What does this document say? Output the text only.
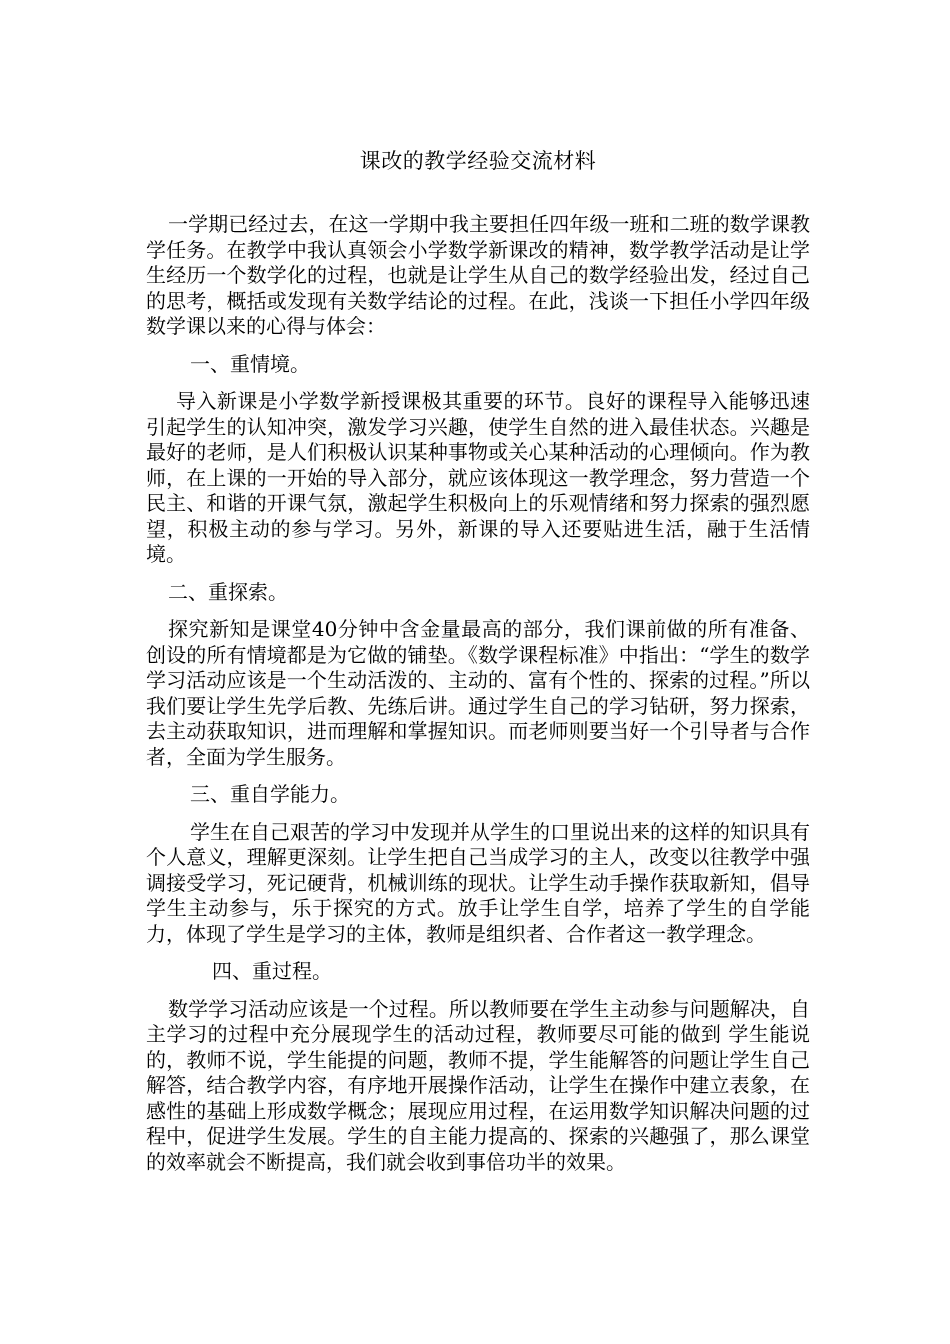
课改的教学经验交流材料

一学期已经过去，在这一学期中我主要担任四年级一班和二班的数学课教学任务。在教学中我认真领会小学数学新课改的精神，数学教学活动是让学生经历一个数学化的过程，也就是让学生从自己的数学经验出发，经过自己的思考，概括或发现有关数学结论的过程。在此，浅谈一下担任小学四年级数学课以来的心得与体会：

一、重情境。

导入新课是小学数学新授课极其重要的环节。良好的课程导入能够迅速引起学生的认知冲突，激发学习兴趣，使学生自然的进入最佳状态。兴趣是最好的老师，是人们积极认识某种事物或关心某种活动的心理倾向。作为教师，在上课的一开始的导入部分，就应该体现这一教学理念，努力营造一个民主、和谐的开课气氛，激起学生积极向上的乐观情绪和努力探索的强烈愿望，积极主动的参与学习。另外，新课的导入还要贴进生活，融于生活情境。

二、重探索。

探究新知是课堂40分钟中含金量最高的部分，我们课前做的所有准备、创设的所有情境都是为它做的铺垫。《数学课程标准》中指出：“学生的数学学习活动应该是一个生动活泼的、主动的、富有个性的、探索的过程。”所以我们要让学生先学后教、先练后讲。通过学生自己的学习钻研，努力探索，去主动获取知识，进而理解和掌握知识。而老师则要当好一个引导者与合作者，全面为学生服务。

三、重自学能力。

学生在自己艰苦的学习中发现并从学生的口里说出来的这样的知识具有个人意义，理解更深刻。让学生把自己当成学习的主人，改变以往教学中强调接受学习，死记硬背，机械训练的现状。让学生动手操作获取新知，倡导学生主动参与，乐于探究的方式。放手让学生自学，培养了学生的自学能力，体现了学生是学习的主体，教师是组织者、合作者这一教学理念。

四、重过程。

数学学习活动应该是一个过程。所以教师要在学生主动参与问题解决，自主学习的过程中充分展现学生的活动过程，教师要尽可能的做到 学生能说的，教师不说，学生能提的问题，教师不提，学生能解答的问题让学生自己解答，结合教学内容，有序地开展操作活动，让学生在操作中建立表象，在感性的基础上形成数学概念；展现应用过程，在运用数学知识解决问题的过程中，促进学生发展。学生的自主能力提高的、探索的兴趣强了，那么课堂的效率就会不断提高，我们就会收到事倍功半的效果。
